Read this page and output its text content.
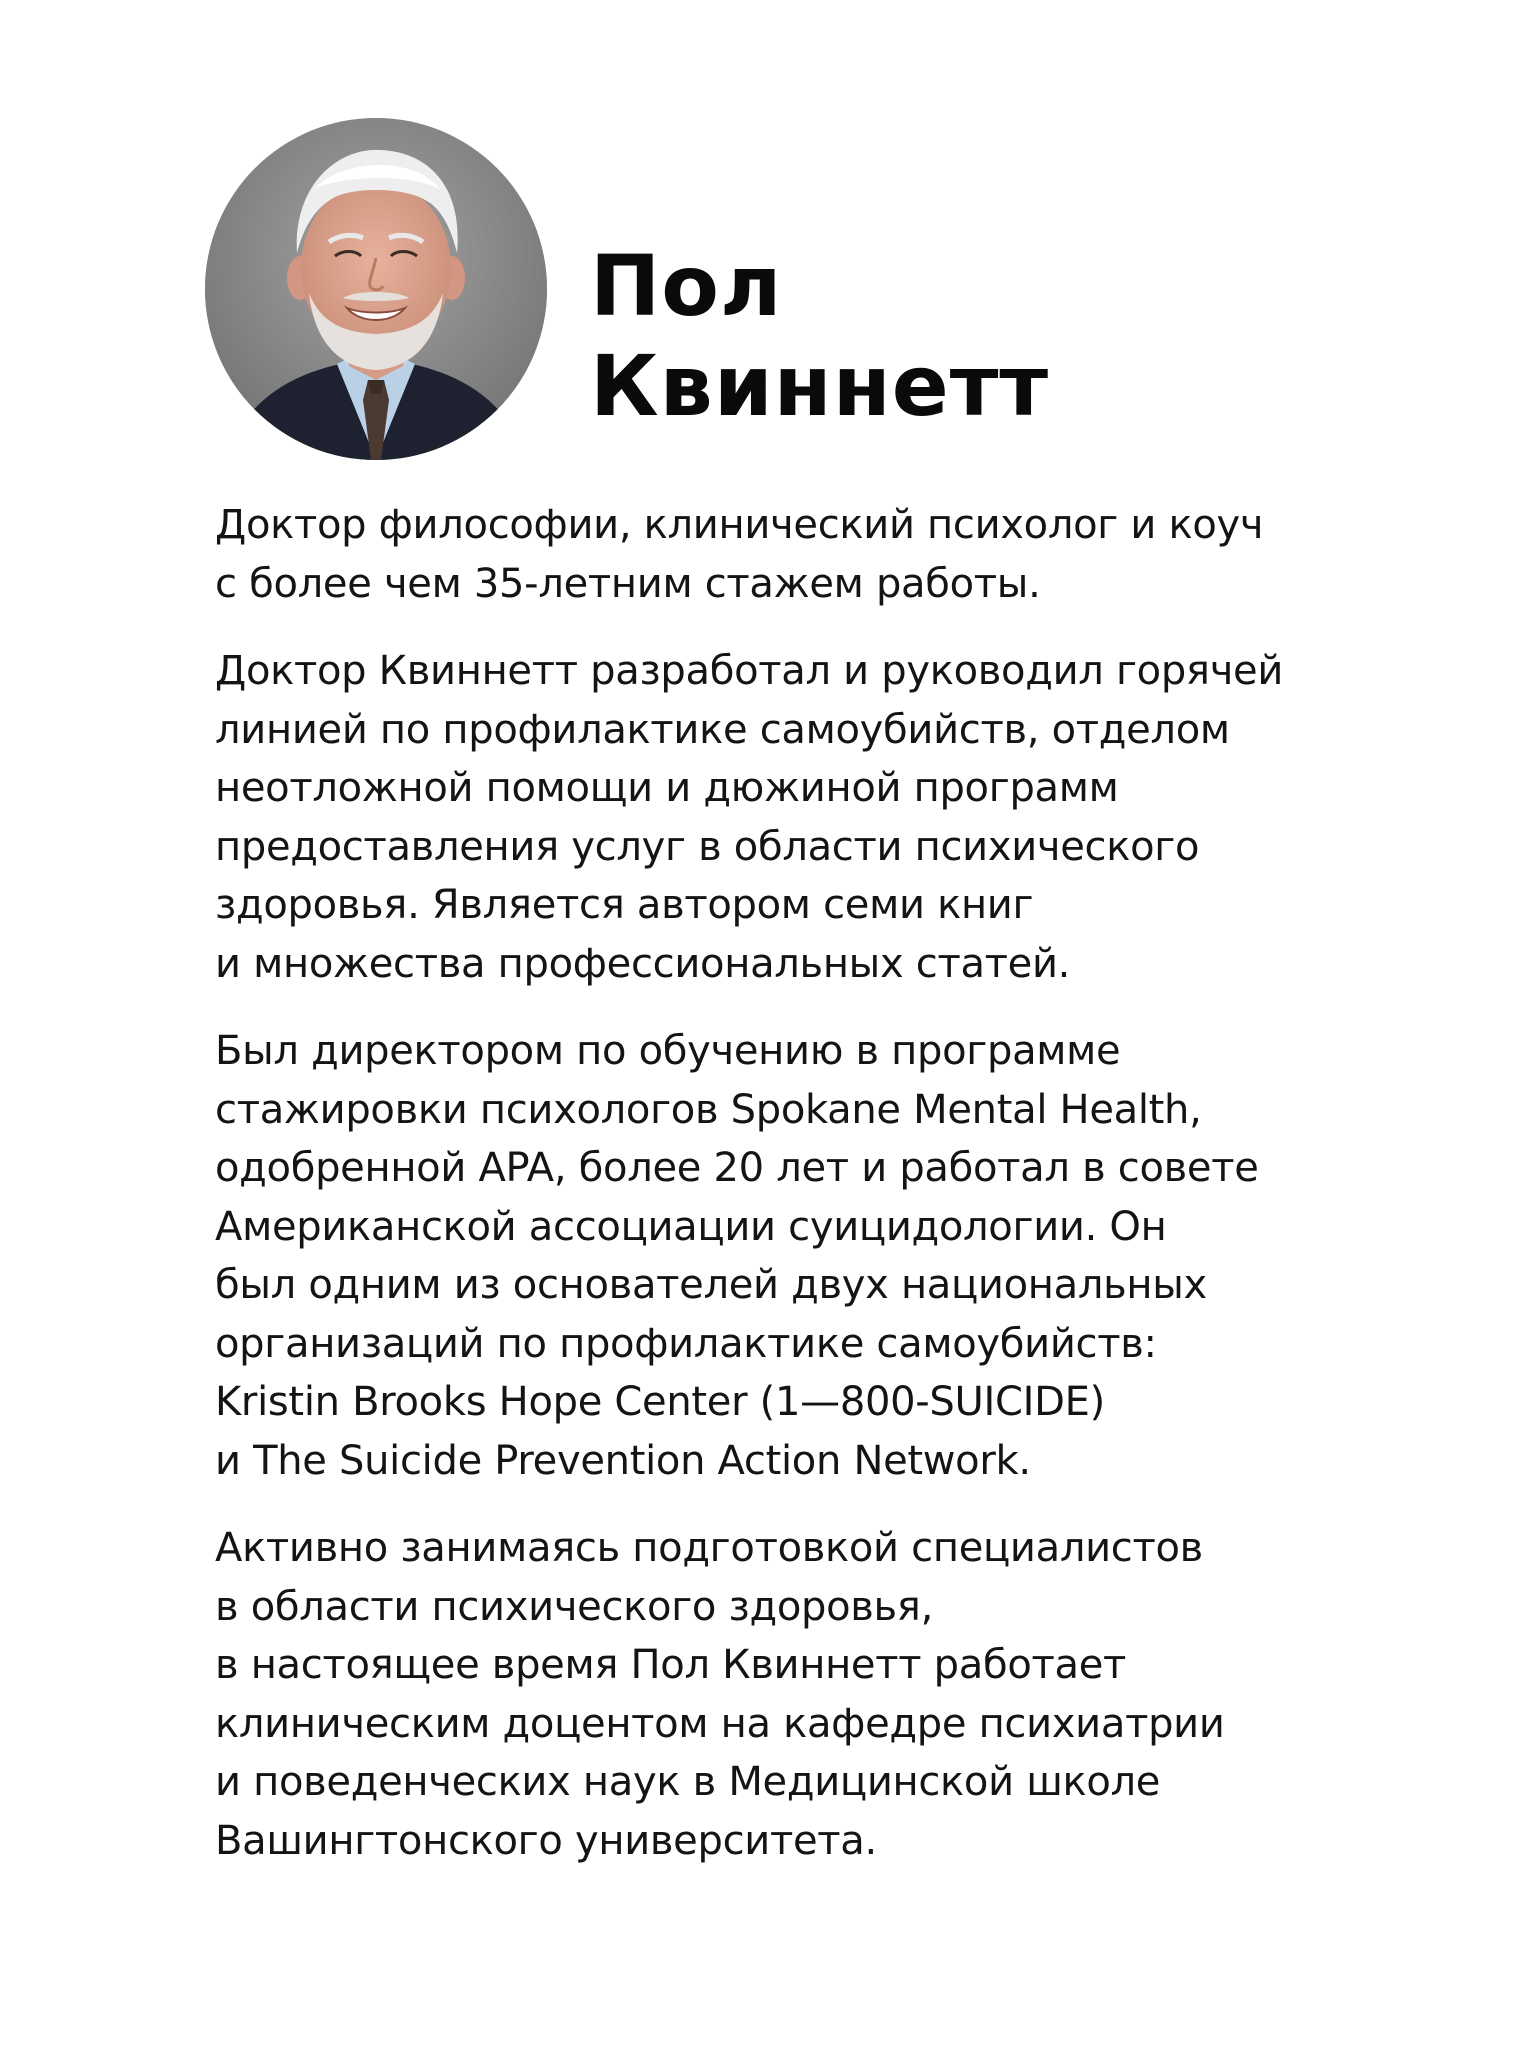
Пол
Квиннетт

Доктор философии, клинический психолог и коуч
с более чем 35-летним стажем работы.

Доктор Квиннетт разработал и руководил горячей
линией по профилактике самоубийств, отделом
неотложной помощи и дюжиной программ
предоставления услуг в области психического
здоровья. Является автором семи книг
и множества профессиональных статей.

Был директором по обучению в программе
стажировки психологов Spokane Mental Health,
одобренной APA, более 20 лет и работал в совете
Американской ассоциации суицидологии. Он
был одним из основателей двух национальных
организаций по профилактике самоубийств:
Kristin Brooks Hope Center (1—800-SUICIDE)
и The Suicide Prevention Action Network.

Активно занимаясь подготовкой специалистов
в области психического здоровья,
в настоящее время Пол Квиннетт работает
клиническим доцентом на кафедре психиатрии
и поведенческих наук в Медицинской школе
Вашингтонского университета.
